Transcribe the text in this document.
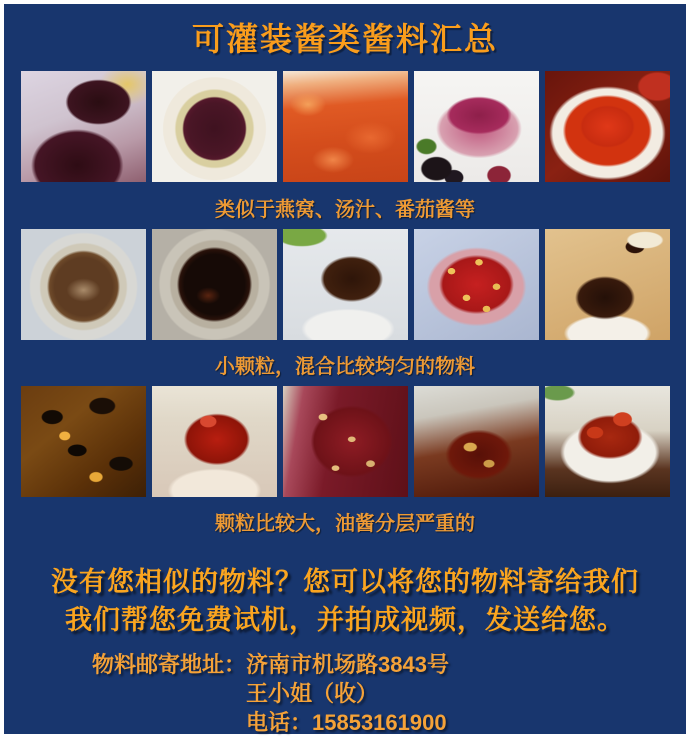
可灌装酱类酱料汇总
类似于燕窝、汤汁、番茄酱等
小颗粒，混合比较均匀的物料
颗粒比较大，油酱分层严重的
没有您相似的物料？您可以将您的物料寄给我们
我们帮您免费试机，并拍成视频，发送给您。
物料邮寄地址：济南市机场路3843号
王小姐（收）
电话：15853161900
